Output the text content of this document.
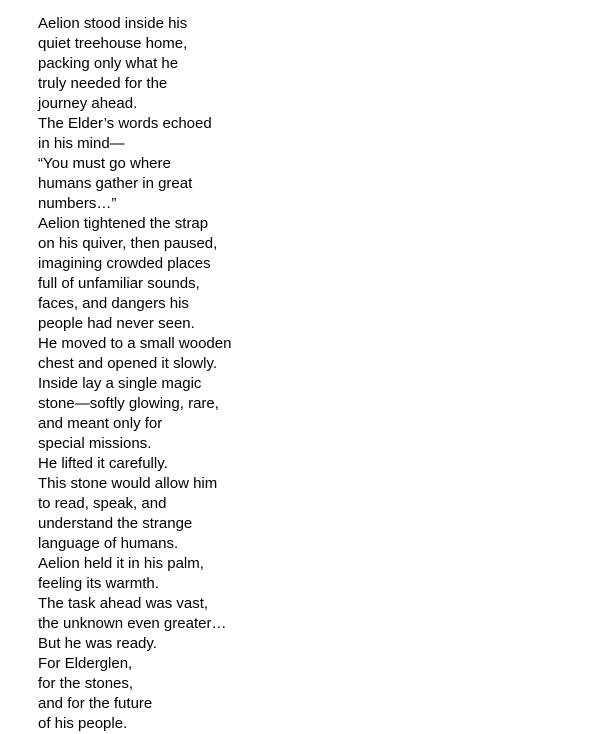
Aelion stood inside his
quiet treehouse home,
packing only what he
truly needed for the
journey ahead.
The Elder’s words echoed
in his mind—
“You must go where
humans gather in great
numbers…”
Aelion tightened the strap
on his quiver, then paused,
imagining crowded places
full of unfamiliar sounds,
faces, and dangers his
people had never seen.
He moved to a small wooden
chest and opened it slowly.
Inside lay a single magic
stone—softly glowing, rare,
and meant only for
special missions.
He lifted it carefully.
This stone would allow him
to read, speak, and
understand the strange
language of humans.
Aelion held it in his palm,
feeling its warmth.
The task ahead was vast,
the unknown even greater…
But he was ready.
For Elderglen,
for the stones,
and for the future
of his people.
